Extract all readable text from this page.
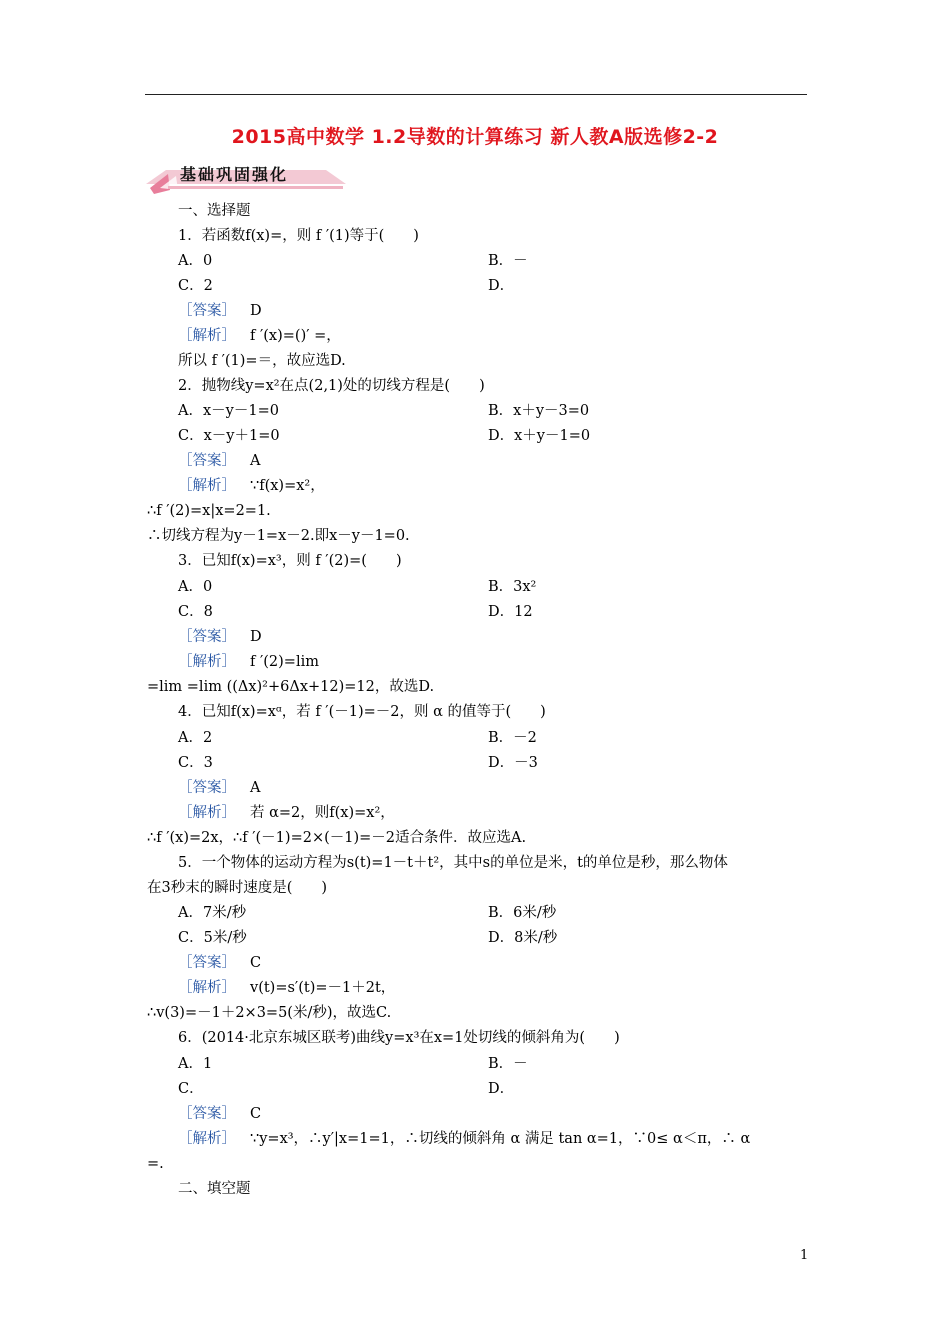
2015高中数学 1.2导数的计算练习 新人教A版选修2-2
基础巩固强化
一、选择题
1．若函数f(x)=，则 f ′(1)等于(　　)
A．0	B．－
C．2	D．
［答案］ D
［解析］ f ′(x)=()′ =，
所以 f ′(1)=＝，故应选D.
2．抛物线y=x²在点(2,1)处的切线方程是(　　)
A．x－y－1=0	B．x＋y－3=0
C．x－y＋1=0	D．x＋y－1=0
［答案］ A
［解析］ ∵f(x)=x²，
∴f ′(2)=x|x=2=1.
∴切线方程为y－1=x－2.即x－y－1=0.
3．已知f(x)=x³，则 f ′(2)=(　　)
A．0	B．3x²
C．8	D．12
［答案］ D
［解析］ f ′(2)=lim
=lim =lim ((Δx)²+6Δx+12)=12，故选D.
4．已知f(x)=xᵅ，若 f ′(－1)=－2，则 α 的值等于(　　)
A．2	B．－2
C．3	D．－3
［答案］ A
［解析］ 若 α=2，则f(x)=x²，
∴f ′(x)=2x，∴f ′(－1)=2×(－1)=－2适合条件．故应选A.
5．一个物体的运动方程为s(t)=1－t＋t²，其中s的单位是米，t的单位是秒，那么物体
在3秒末的瞬时速度是(　　)
A．7米/秒	B．6米/秒
C．5米/秒	D．8米/秒
［答案］ C
［解析］ v(t)=s′(t)=－1＋2t，
∴v(3)=－1＋2×3=5(米/秒)，故选C.
6．(2014·北京东城区联考)曲线y=x³在x=1处切线的倾斜角为(　　)
A．1	B．－
C．	D．
［答案］ C
［解析］ ∵y=x³，∴y′|x=1=1，∴切线的倾斜角 α 满足 tan α=1，∵0≤ α＜π，∴ α
=.
二、填空题
1
